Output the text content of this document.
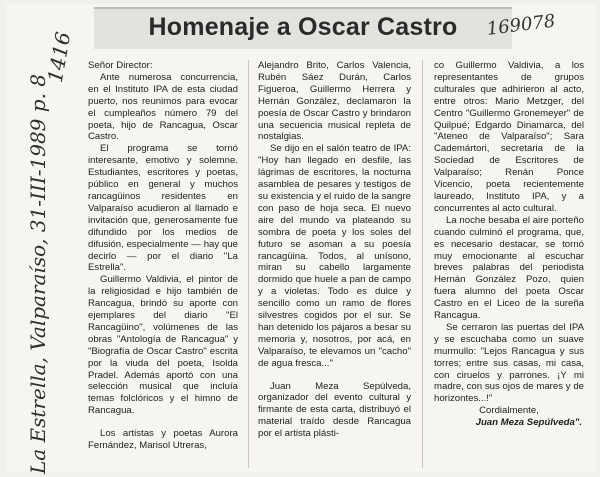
Homenaje a Oscar Castro	169078
1416
La Estrella, Valparaíso, 31-III-1989 p. 8

Señor Director:

Ante numerosa concurrencia, en el Instituto IPA de esta ciudad puerto, nos reunimos para evocar el cumpleaños número 79 del poeta, hijo de Rancagua, Oscar Castro.

El programa se tornó interesante, emotivo y solemne. Estudiantes, escritores y poetas, público en general y muchos rancagüinos residentes en Valparaíso acudieron al llamado e invitación que, generosamente fue difundido por los medios de difusión, especialmente — hay que decirlo — por el diario "La Estrella".

Guillermo Valdivia, el pintor de la religiosidad e hijo también de Rancagua, brindó su aporte con ejemplares del diario "El Rancagüino", volúmenes de las obras "Antología de Rancagua" y "Biografía de Oscar Castro" escrita por la viuda del poeta, Isolda Pradel. Además aportó con una selección musical que incluía temas folclóricos y el himno de Rancagua.

Los artistas y poetas Aurora Fernández, Marisol Utreras,

Alejandro Brito, Carlos Valencia, Rubén Sáez Durán, Carlos Figueroa, Guillermo Herrera y Hernán González, declamaron la poesía de Oscar Castro y brindaron una secuencia musical repleta de nostalgias.

Se dijo en el salón teatro de IPA: "Hoy han llegado en desfile, las lágrimas de escritores, la nocturna asamblea de pesares y testigos de su existencia y el ruido de la sangre con paso de hoja seca. El nuevo aire del mundo va plateando su sombra de poeta y los soles del futuro se asoman a su poesía rancagüina. Todos, al unísono, miran su cabello largamente dormido que huele a pan de campo y a violetas. Todo es dulce y sencillo como un ramo de flores silvestres cogidos por el sur. Se han detenido los pájaros a besar su memoria y, nosotros, por acá, en Valparaíso, te elevamos un "cacho" de agua fresca..."

Juan Meza Sepúlveda, organizador del evento cultural y firmante de esta carta, distribuyó el material traído desde Rancagua por el artista plásti-

co Guillermo Valdivia, a los representantes de grupos culturales que adhirieron al acto, entre otros: Mario Metzger, del Centro "Guillermo Gronemeyer" de Quilpué; Edgardo Dinamarca, del "Ateneo de Valparaíso"; Sara Cademártori, secretaria de la Sociedad de Escritores de Valparaíso; Renán Ponce Vicencio, poeta recientemente laureado, Instituto IPA, y a concurrentes al acto cultural.

La noche besaba el aire porteño cuando culminó el programa, que, es necesario destacar, se tornó muy emocionante al escuchar breves palabras del periodista Hernán González Pozo, quien fuera alumno del poeta Oscar Castro en el Liceo de la sureña Rancagua.

Se cerraron las puertas del IPA y se escuchaba como un suave murmullo: "Lejos Rancagua y sus torres; entre sus casas, mi casa, con ciruelos y parrones. ¡Y mi madre, con sus ojos de mares y de horizontes...!"

Cordialmente,

Juan Meza Sepúlveda".
